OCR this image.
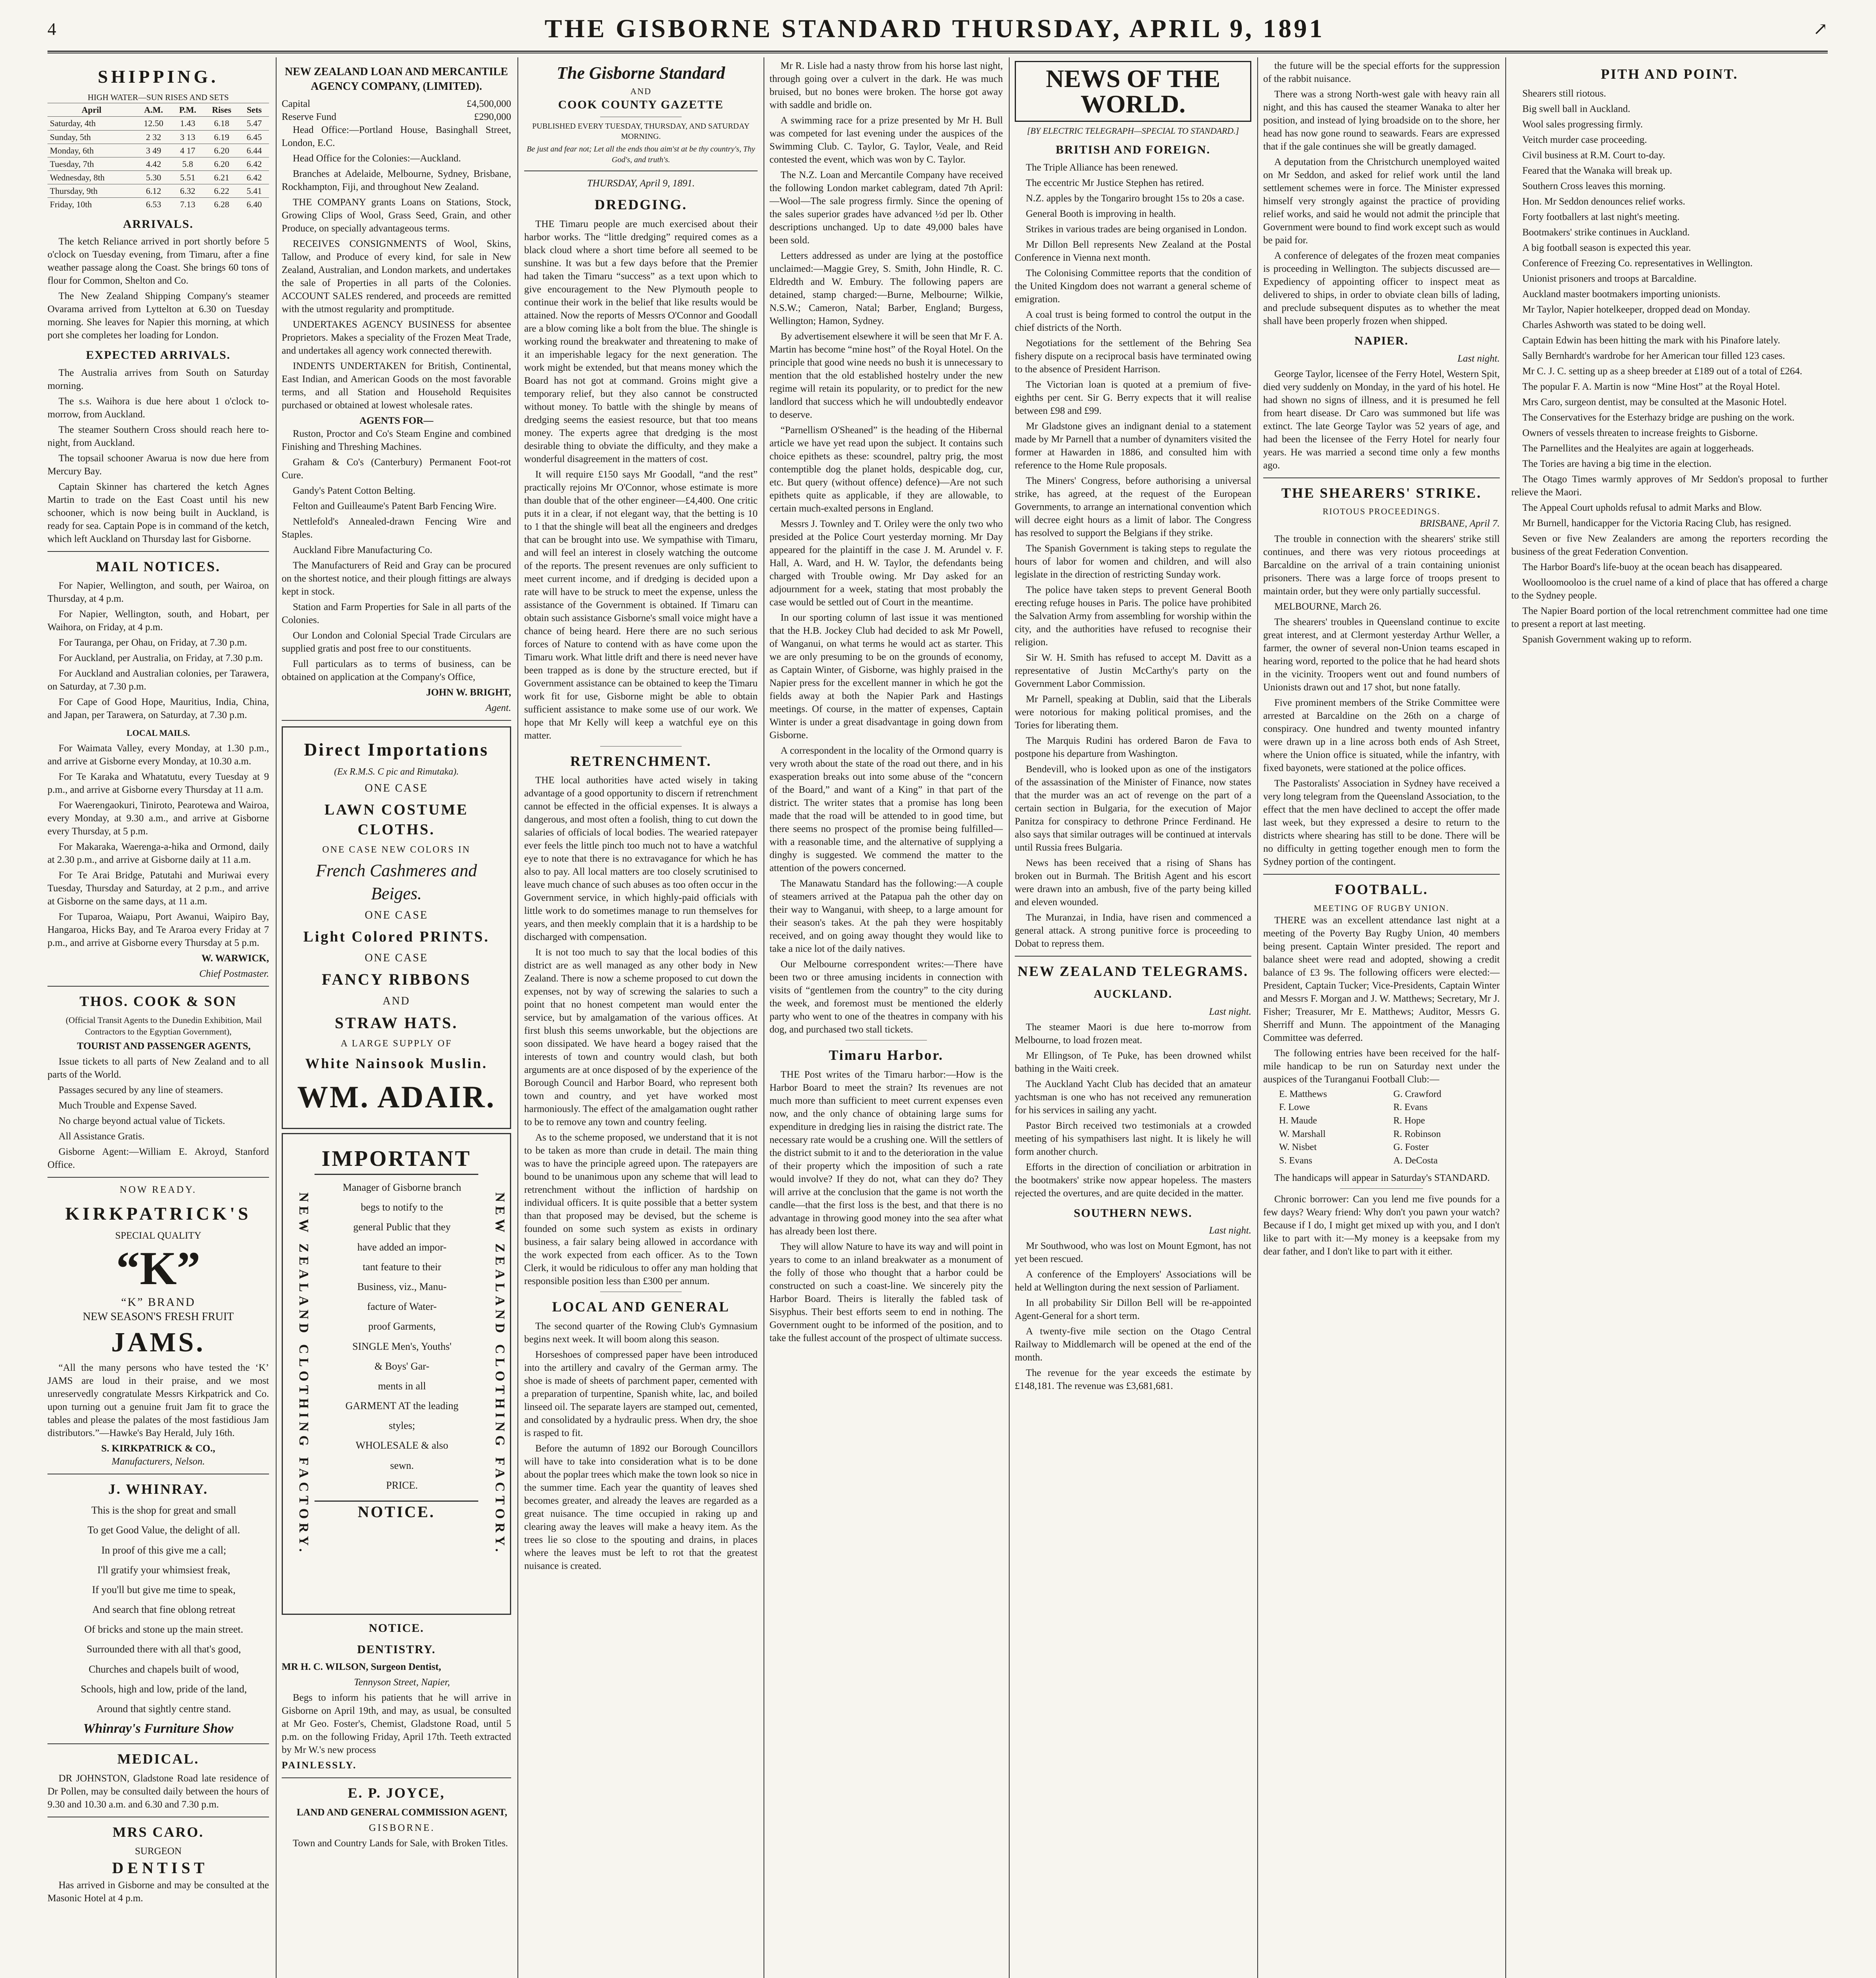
4	THE GISBORNE STANDARD THURSDAY, APRIL 9, 1891	↗
SHIPPING.
HIGH WATER—SUN RISES AND SETS
April	A.M.	P.M.	Rises	Sets
Saturday, 4th	12.50	1.43	6.18	5.47
Sunday, 5th	2 32	3 13	6.19	6.45
Monday, 6th	3 49	4 17	6.20	6.44
Tuesday, 7th	4.42	5.8	6.20	6.42
Wednesday, 8th	5.30	5.51	6.21	6.42
Thursday, 9th	6.12	6.32	6.22	5.41
Friday, 10th	6.53	7.13	6.28	6.40
ARRIVALS.

The ketch Reliance arrived in port shortly before 5 o'clock on Tuesday evening, from Timaru, after a fine weather passage along the Coast. She brings 60 tons of flour for Common, Shelton and Co.

The New Zealand Shipping Company's steamer Ovarama arrived from Lyttelton at 6.30 on Tuesday morning. She leaves for Napier this morning, at which port she completes her loading for London.

EXPECTED ARRIVALS.

The Australia arrives from South on Saturday morning.

The s.s. Waihora is due here about 1 o'clock to-morrow, from Auckland.

The steamer Southern Cross should reach here to-night, from Auckland.

The topsail schooner Awarua is now due here from Mercury Bay.

Captain Skinner has chartered the ketch Agnes Martin to trade on the East Coast until his new schooner, which is now being built in Auckland, is ready for sea. Captain Pope is in command of the ketch, which left Auckland on Thursday last for Gisborne.

MAIL NOTICES.

For Napier, Wellington, and south, per Wairoa, on Thursday, at 4 p.m.

For Napier, Wellington, south, and Hobart, per Waihora, on Friday, at 4 p.m.

For Tauranga, per Ohau, on Friday, at 7.30 p.m.

For Auckland, per Australia, on Friday, at 7.30 p.m.

For Auckland and Australian colonies, per Tarawera, on Saturday, at 7.30 p.m.

For Cape of Good Hope, Mauritius, India, China, and Japan, per Tarawera, on Saturday, at 7.30 p.m.

LOCAL MAILS.

For Waimata Valley, every Monday, at 1.30 p.m., and arrive at Gisborne every Monday, at 10.30 a.m.

For Te Karaka and Whatatutu, every Tuesday at 9 p.m., and arrive at Gisborne every Thursday at 11 a.m.

For Waerengaokuri, Tiniroto, Pearotewa and Wairoa, every Monday, at 9.30 a.m., and arrive at Gisborne every Thursday, at 5 p.m.

For Makaraka, Waerenga-a-hika and Ormond, daily at 2.30 p.m., and arrive at Gisborne daily at 11 a.m.

For Te Arai Bridge, Patutahi and Muriwai every Tuesday, Thursday and Saturday, at 2 p.m., and arrive at Gisborne on the same days, at 11 a.m.

For Tuparoa, Waiapu, Port Awanui, Waipiro Bay, Hangaroa, Hicks Bay, and Te Araroa every Friday at 7 p.m., and arrive at Gisborne every Thursday at 5 p.m.

W. WARWICK,

Chief Postmaster.

THOS. COOK & SON

(Official Transit Agents to the Dunedin Exhibition, Mail Contractors to the Egyptian Government),

TOURIST AND PASSENGER AGENTS,

Issue tickets to all parts of New Zealand and to all parts of the World.

Passages secured by any line of steamers.

Much Trouble and Expense Saved.

No charge beyond actual value of Tickets.

All Assistance Gratis.

Gisborne Agent:—William E. Akroyd, Stanford Office.

NOW READY.
KIRKPATRICK'S
SPECIAL QUALITY
“K”
“K” BRAND
NEW SEASON'S FRESH FRUIT
JAMS.

“All the many persons who have tested the ‘K’ JAMS are loud in their praise, and we most unreservedly congratulate Messrs Kirkpatrick and Co. upon turning out a genuine fruit Jam fit to grace the tables and please the palates of the most fastidious Jam distributors.”—Hawke's Bay Herald, July 16th.

S. KIRKPATRICK & CO.,
Manufacturers, Nelson.
J. WHINRAY.

This is the shop for great and small

To get Good Value, the delight of all.

In proof of this give me a call;

I'll gratify your whimsiest freak,

If you'll but give me time to speak,

And search that fine oblong retreat

Of bricks and stone up the main street.

Surrounded there with all that's good,

Churches and chapels built of wood,

Schools, high and low, pride of the land,

Around that sightly centre stand.

Whinray's Furniture Show
MEDICAL.

DR JOHNSTON, Gladstone Road late residence of Dr Pollen, may be consulted daily between the hours of 9.30 and 10.30 a.m. and 6.30 and 7.30 p.m.

MRS CARO.
SURGEON
D E N T I S T

Has arrived in Gisborne and may be consulted at the Masonic Hotel at 4 p.m.

NEW ZEALAND LOAN AND MERCANTILE AGENCY COMPANY, (LIMITED).
Capital	£4,500,000
Reserve Fund	£290,000

Head Office:—Portland House, Basinghall Street, London, E.C.

Head Office for the Colonies:—Auckland.

Branches at Adelaide, Melbourne, Sydney, Brisbane, Rockhampton, Fiji, and throughout New Zealand.

THE COMPANY grants Loans on Stations, Stock, Growing Clips of Wool, Grass Seed, Grain, and other Produce, on specially advantageous terms.

RECEIVES CONSIGNMENTS of Wool, Skins, Tallow, and Produce of every kind, for sale in New Zealand, Australian, and London markets, and undertakes the sale of Properties in all parts of the Colonies. ACCOUNT SALES rendered, and proceeds are remitted with the utmost regularity and promptitude.

UNDERTAKES AGENCY BUSINESS for absentee Proprietors. Makes a speciality of the Frozen Meat Trade, and undertakes all agency work connected therewith.

INDENTS UNDERTAKEN for British, Continental, East Indian, and American Goods on the most favorable terms, and all Station and Household Requisites purchased or obtained at lowest wholesale rates.

AGENTS FOR—

Ruston, Proctor and Co's Steam Engine and combined Finishing and Threshing Machines.

Graham & Co's (Canterbury) Permanent Foot-rot Cure.

Gandy's Patent Cotton Belting.

Felton and Guilleaume's Patent Barb Fencing Wire.

Nettlefold's Annealed-drawn Fencing Wire and Staples.

Auckland Fibre Manufacturing Co.

The Manufacturers of Reid and Gray can be procured on the shortest notice, and their plough fittings are always kept in stock.

Station and Farm Properties for Sale in all parts of the Colonies.

Our London and Colonial Special Trade Circulars are supplied gratis and post free to our constituents.

Full particulars as to terms of business, can be obtained on application at the Company's Office,

JOHN W. BRIGHT,

Agent.

Direct Importations
(Ex R.M.S. C pic and Rimutaka).
ONE CASE
LAWN COSTUME CLOTHS.
ONE CASE NEW COLORS IN
French Cashmeres and Beiges.
ONE CASE
Light Colored PRINTS.
ONE CASE
FANCY RIBBONS
AND
STRAW HATS.
A LARGE SUPPLY OF
White Nainsook Muslin.
WM. ADAIR.
NEW ZEALAND CLOTHING FACTORY.	NEW ZEALAND CLOTHING FACTORY.
IMPORTANT

Manager of Gisborne branch

begs to notify to the

general Public that they

have added an impor-

tant feature to their

Business, viz., Manu-

facture of Water-

proof Garments,

SINGLE Men's, Youths'

& Boys' Gar-

ments in all

GARMENT AT the leading

styles;

WHOLESALE & also

sewn.

PRICE.

NOTICE.
NOTICE.
DENTISTRY.

MR H. C. WILSON, Surgeon Dentist,

Tennyson Street, Napier,

Begs to inform his patients that he will arrive in Gisborne on April 19th, and may, as usual, be consulted at Mr Geo. Foster's, Chemist, Gladstone Road, until 5 p.m. on the following Friday, April 17th. Teeth extracted by Mr W.'s new process

PAINLESSLY.

E. P. JOYCE,

LAND AND GENERAL COMMISSION AGENT,

GISBORNE.

Town and Country Lands for Sale, with Broken Titles.

The Gisborne Standard
AND
COOK COUNTY GAZETTE
PUBLISHED EVERY TUESDAY, THURSDAY, AND SATURDAY MORNING.
Be just and fear not; Let all the ends thou aim'st at be thy country's, Thy God's, and truth's.
THURSDAY, April 9, 1891.
DREDGING.

THE Timaru people are much exercised about their harbor works. The “little dredging” required comes as a black cloud where a short time before all seemed to be sunshine. It was but a few days before that the Premier had taken the Timaru “success” as a text upon which to give encouragement to the New Plymouth people to continue their work in the belief that like results would be attained. Now the reports of Messrs O'Connor and Goodall are a blow coming like a bolt from the blue. The shingle is working round the breakwater and threatening to make of it an imperishable legacy for the next generation. The work might be extended, but that means money which the Board has not got at command. Groins might give a temporary relief, but they also cannot be constructed without money. To battle with the shingle by means of dredging seems the easiest resource, but that too means money. The experts agree that dredging is the most desirable thing to obviate the difficulty, and they make a wonderful disagreement in the matters of cost.

It will require £150 says Mr Goodall, “and the rest” practically rejoins Mr O'Connor, whose estimate is more than double that of the other engineer—£4,400. One critic puts it in a clear, if not elegant way, that the betting is 10 to 1 that the shingle will beat all the engineers and dredges that can be brought into use. We sympathise with Timaru, and will feel an interest in closely watching the outcome of the reports. The present revenues are only sufficient to meet current income, and if dredging is decided upon a rate will have to be struck to meet the expense, unless the assistance of the Government is obtained. If Timaru can obtain such assistance Gisborne's small voice might have a chance of being heard. Here there are no such serious forces of Nature to contend with as have come upon the Timaru work. What little drift and there is need never have been trapped as is done by the structure erected, but if Government assistance can be obtained to keep the Timaru work fit for use, Gisborne might be able to obtain sufficient assistance to make some use of our work. We hope that Mr Kelly will keep a watchful eye on this matter.

RETRENCHMENT.

THE local authorities have acted wisely in taking advantage of a good opportunity to discern if retrenchment cannot be effected in the official expenses. It is always a dangerous, and most often a foolish, thing to cut down the salaries of officials of local bodies. The wearied ratepayer ever feels the little pinch too much not to have a watchful eye to note that there is no extravagance for which he has also to pay. All local matters are too closely scrutinised to leave much chance of such abuses as too often occur in the Government service, in which highly-paid officials with little work to do sometimes manage to run themselves for years, and then meekly complain that it is a hardship to be discharged with compensation.

It is not too much to say that the local bodies of this district are as well managed as any other body in New Zealand. There is now a scheme proposed to cut down the expenses, not by way of screwing the salaries to such a point that no honest competent man would enter the service, but by amalgamation of the various offices. At first blush this seems unworkable, but the objections are soon dissipated. We have heard a bogey raised that the interests of town and country would clash, but both arguments are at once disposed of by the experience of the Borough Council and Harbor Board, who represent both town and country, and yet have worked most harmoniously. The effect of the amalgamation ought rather to be to remove any town and country feeling.

As to the scheme proposed, we understand that it is not to be taken as more than crude in detail. The main thing was to have the principle agreed upon. The ratepayers are bound to be unanimous upon any scheme that will lead to retrenchment without the infliction of hardship on individual officers. It is quite possible that a better system than that proposed may be devised, but the scheme is founded on some such system as exists in ordinary business, a fair salary being allowed in accordance with the work expected from each officer. As to the Town Clerk, it would be ridiculous to offer any man holding that responsible position less than £300 per annum.

LOCAL AND GENERAL

The second quarter of the Rowing Club's Gymnasium begins next week. It will boom along this season.

Horseshoes of compressed paper have been introduced into the artillery and cavalry of the German army. The shoe is made of sheets of parchment paper, cemented with a preparation of turpentine, Spanish white, lac, and boiled linseed oil. The separate layers are stamped out, cemented, and consolidated by a hydraulic press. When dry, the shoe is rasped to fit.

Before the autumn of 1892 our Borough Councillors will have to take into consideration what is to be done about the poplar trees which make the town look so nice in the summer time. Each year the quantity of leaves shed becomes greater, and already the leaves are regarded as a great nuisance. The time occupied in raking up and clearing away the leaves will make a heavy item. As the trees lie so close to the spouting and drains, in places where the leaves must be left to rot that the greatest nuisance is created.

Mr R. Lisle had a nasty throw from his horse last night, through going over a culvert in the dark. He was much bruised, but no bones were broken. The horse got away with saddle and bridle on.

A swimming race for a prize presented by Mr H. Bull was competed for last evening under the auspices of the Swimming Club. C. Taylor, G. Taylor, Veale, and Reid contested the event, which was won by C. Taylor.

The N.Z. Loan and Mercantile Company have received the following London market cablegram, dated 7th April:—Wool—The sale progress firmly. Since the opening of the sales superior grades have advanced ½d per lb. Other descriptions unchanged. Up to date 49,000 bales have been sold.

Letters addressed as under are lying at the postoffice unclaimed:—Maggie Grey, S. Smith, John Hindle, R. C. Eldredth and W. Embury. The following papers are detained, stamp charged:—Burne, Melbourne; Wilkie, N.S.W.; Cameron, Natal; Barber, England; Burgess, Wellington; Hamon, Sydney.

By advertisement elsewhere it will be seen that Mr F. A. Martin has become “mine host” of the Royal Hotel. On the principle that good wine needs no bush it is unnecessary to mention that the old established hostelry under the new regime will retain its popularity, or to predict for the new landlord that success which he will undoubtedly endeavor to deserve.

“Parnellism O'Sheaned” is the heading of the Hibernal article we have yet read upon the subject. It contains such choice epithets as these: scoundrel, paltry prig, the most contemptible dog the planet holds, despicable dog, cur, etc. But query (without offence) defence)—Are not such epithets quite as applicable, if they are allowable, to certain much-exalted persons in England.

Messrs J. Townley and T. Oriley were the only two who presided at the Police Court yesterday morning. Mr Day appeared for the plaintiff in the case J. M. Arundel v. F. Hall, A. Ward, and H. W. Taylor, the defendants being charged with Trouble owing. Mr Day asked for an adjournment for a week, stating that most probably the case would be settled out of Court in the meantime.

In our sporting column of last issue it was mentioned that the H.B. Jockey Club had decided to ask Mr Powell, of Wanganui, on what terms he would act as starter. This we are only presuming to be on the grounds of economy, as Captain Winter, of Gisborne, was highly praised in the Napier press for the excellent manner in which he got the fields away at both the Napier Park and Hastings meetings. Of course, in the matter of expenses, Captain Winter is under a great disadvantage in going down from Gisborne.

A correspondent in the locality of the Ormond quarry is very wroth about the state of the road out there, and in his exasperation breaks out into some abuse of the “concern of the Board,” and want of a King” in that part of the district. The writer states that a promise has long been made that the road will be attended to in good time, but there seems no prospect of the promise being fulfilled—with a reasonable time, and the alternative of supplying a dinghy is suggested. We commend the matter to the attention of the powers concerned.

The Manawatu Standard has the following:—A couple of steamers arrived at the Patapua pah the other day on their way to Wanganui, with sheep, to a large amount for their season's takes. At the pah they were hospitably received, and on going away thought they would like to take a nice lot of the daily natives.

Our Melbourne correspondent writes:—There have been two or three amusing incidents in connection with visits of “gentlemen from the country” to the city during the week, and foremost must be mentioned the elderly party who went to one of the theatres in company with his dog, and purchased two stall tickets.

Timaru Harbor.

THE Post writes of the Timaru harbor:—How is the Harbor Board to meet the strain? Its revenues are not much more than sufficient to meet current expenses even now, and the only chance of obtaining large sums for expenditure in dredging lies in raising the district rate. The necessary rate would be a crushing one. Will the settlers of the district submit to it and to the deterioration in the value of their property which the imposition of such a rate would involve? If they do not, what can they do? They will arrive at the conclusion that the game is not worth the candle—that the first loss is the best, and that there is no advantage in throwing good money into the sea after what has already been lost there.

They will allow Nature to have its way and will point in years to come to an inland breakwater as a monument of the folly of those who thought that a harbor could be constructed on such a coast-line. We sincerely pity the Harbor Board. Theirs is literally the fabled task of Sisyphus. Their best efforts seem to end in nothing. The Government ought to be informed of the position, and to take the fullest account of the prospect of ultimate success.

NEWS OF THE WORLD.
[BY ELECTRIC TELEGRAPH—SPECIAL TO STANDARD.]
BRITISH AND FOREIGN.

The Triple Alliance has been renewed.

The eccentric Mr Justice Stephen has retired.

N.Z. apples by the Tongariro brought 15s to 20s a case.

General Booth is improving in health.

Strikes in various trades are being organised in London.

Mr Dillon Bell represents New Zealand at the Postal Conference in Vienna next month.

The Colonising Committee reports that the condition of the United Kingdom does not warrant a general scheme of emigration.

A coal trust is being formed to control the output in the chief districts of the North.

Negotiations for the settlement of the Behring Sea fishery dispute on a reciprocal basis have terminated owing to the absence of President Harrison.

The Victorian loan is quoted at a premium of five-eighths per cent. Sir G. Berry expects that it will realise between £98 and £99.

Mr Gladstone gives an indignant denial to a statement made by Mr Parnell that a number of dynamiters visited the former at Hawarden in 1886, and consulted him with reference to the Home Rule proposals.

The Miners' Congress, before authorising a universal strike, has agreed, at the request of the European Governments, to arrange an international convention which will decree eight hours as a limit of labor. The Congress has resolved to support the Belgians if they strike.

The Spanish Government is taking steps to regulate the hours of labor for women and children, and will also legislate in the direction of restricting Sunday work.

The police have taken steps to prevent General Booth erecting refuge houses in Paris. The police have prohibited the Salvation Army from assembling for worship within the city, and the authorities have refused to recognise their religion.

Sir W. H. Smith has refused to accept M. Davitt as a representative of Justin McCarthy's party on the Government Labor Commission.

Mr Parnell, speaking at Dublin, said that the Liberals were notorious for making political promises, and the Tories for liberating them.

The Marquis Rudini has ordered Baron de Fava to postpone his departure from Washington.

Bendevill, who is looked upon as one of the instigators of the assassination of the Minister of Finance, now states that the murder was an act of revenge on the part of a certain section in Bulgaria, for the execution of Major Panitza for conspiracy to dethrone Prince Ferdinand. He also says that similar outrages will be continued at intervals until Russia frees Bulgaria.

News has been received that a rising of Shans has broken out in Burmah. The British Agent and his escort were drawn into an ambush, five of the party being killed and eleven wounded.

The Muranzai, in India, have risen and commenced a general attack. A strong punitive force is proceeding to Dobat to repress them.

NEW ZEALAND TELEGRAMS.
AUCKLAND.

Last night.

The steamer Maori is due here to-morrow from Melbourne, to load frozen meat.

Mr Ellingson, of Te Puke, has been drowned whilst bathing in the Waiti creek.

The Auckland Yacht Club has decided that an amateur yachtsman is one who has not received any remuneration for his services in sailing any yacht.

Pastor Birch received two testimonials at a crowded meeting of his sympathisers last night. It is likely he will form another church.

Efforts in the direction of conciliation or arbitration in the bootmakers' strike now appear hopeless. The masters rejected the overtures, and are quite decided in the matter.

SOUTHERN NEWS.

Last night.

Mr Southwood, who was lost on Mount Egmont, has not yet been rescued.

A conference of the Employers' Associations will be held at Wellington during the next session of Parliament.

In all probability Sir Dillon Bell will be re-appointed Agent-General for a short term.

A twenty-five mile section on the Otago Central Railway to Middlemarch will be opened at the end of the month.

The revenue for the year exceeds the estimate by £148,181. The revenue was £3,681,681.

the future will be the special efforts for the suppression of the rabbit nuisance.

There was a strong North-west gale with heavy rain all night, and this has caused the steamer Wanaka to alter her position, and instead of lying broadside on to the shore, her head has now gone round to seawards. Fears are expressed that if the gale continues she will be greatly damaged.

A deputation from the Christchurch unemployed waited on Mr Seddon, and asked for relief work until the land settlement schemes were in force. The Minister expressed himself very strongly against the practice of providing relief works, and said he would not admit the principle that Government were bound to find work except such as would be paid for.

A conference of delegates of the frozen meat companies is proceeding in Wellington. The subjects discussed are—Expediency of appointing officer to inspect meat as delivered to ships, in order to obviate clean bills of lading, and preclude subsequent disputes as to whether the meat shall have been properly frozen when shipped.

NAPIER.

Last night.

George Taylor, licensee of the Ferry Hotel, Western Spit, died very suddenly on Monday, in the yard of his hotel. He had shown no signs of illness, and it is presumed he fell from heart disease. Dr Caro was summoned but life was extinct. The late George Taylor was 52 years of age, and had been the licensee of the Ferry Hotel for nearly four years. He was married a second time only a few months ago.

THE SHEARERS' STRIKE.
RIOTOUS PROCEEDINGS.

BRISBANE, April 7.

The trouble in connection with the shearers' strike still continues, and there was very riotous proceedings at Barcaldine on the arrival of a train containing unionist prisoners. There was a large force of troops present to maintain order, but they were only partially successful.

MELBOURNE, March 26.

The shearers' troubles in Queensland continue to excite great interest, and at Clermont yesterday Arthur Weller, a farmer, the owner of several non-Union teams escaped in hearing word, reported to the police that he had heard shots in the vicinity. Troopers went out and found numbers of Unionists drawn out and 17 shot, but none fatally.

Five prominent members of the Strike Committee were arrested at Barcaldine on the 26th on a charge of conspiracy. One hundred and twenty mounted infantry were drawn up in a line across both ends of Ash Street, where the Union office is situated, while the infantry, with fixed bayonets, were stationed at the police offices.

The Pastoralists' Association in Sydney have received a very long telegram from the Queensland Association, to the effect that the men have declined to accept the offer made last week, but they expressed a desire to return to the districts where shearing has still to be done. There will be no difficulty in getting together enough men to form the Sydney portion of the contingent.

FOOTBALL.
MEETING OF RUGBY UNION.

THERE was an excellent attendance last night at a meeting of the Poverty Bay Rugby Union, 40 members being present. Captain Winter presided. The report and balance sheet were read and adopted, showing a credit balance of £3 9s. The following officers were elected:—President, Captain Tucker; Vice-Presidents, Captain Winter and Messrs F. Morgan and J. W. Matthews; Secretary, Mr J. Fisher; Treasurer, Mr E. Matthews; Auditor, Messrs G. Sherriff and Munn. The appointment of the Managing Committee was deferred.

The following entries have been received for the half-mile handicap to be run on Saturday next under the auspices of the Turanganui Football Club:—

E. Matthews	G. Crawford
F. Lowe	R. Evans
H. Maude	R. Hope
W. Marshall	R. Robinson
W. Nisbet	G. Foster
S. Evans	A. DeCosta

The handicaps will appear in Saturday's STANDARD.

Chronic borrower: Can you lend me five pounds for a few days? Weary friend: Why don't you pawn your watch? Because if I do, I might get mixed up with you, and I don't like to part with it:—My money is a keepsake from my dear father, and I don't like to part with it either.

PITH AND POINT.

Shearers still riotous.

Big swell ball in Auckland.

Wool sales progressing firmly.

Veitch murder case proceeding.

Civil business at R.M. Court to-day.

Feared that the Wanaka will break up.

Southern Cross leaves this morning.

Hon. Mr Seddon denounces relief works.

Forty footballers at last night's meeting.

Bootmakers' strike continues in Auckland.

A big football season is expected this year.

Conference of Freezing Co. representatives in Wellington.

Unionist prisoners and troops at Barcaldine.

Auckland master bootmakers importing unionists.

Mr Taylor, Napier hotelkeeper, dropped dead on Monday.

Charles Ashworth was stated to be doing well.

Captain Edwin has been hitting the mark with his Pinafore lately.

Sally Bernhardt's wardrobe for her American tour filled 123 cases.

Mr C. J. C. setting up as a sheep breeder at £189 out of a total of £264.

The popular F. A. Martin is now “Mine Host” at the Royal Hotel.

Mrs Caro, surgeon dentist, may be consulted at the Masonic Hotel.

The Conservatives for the Esterhazy bridge are pushing on the work.

Owners of vessels threaten to increase freights to Gisborne.

The Parnellites and the Healyites are again at loggerheads.

The Tories are having a big time in the election.

The Otago Times warmly approves of Mr Seddon's proposal to further relieve the Maori.

The Appeal Court upholds refusal to admit Marks and Blow.

Mr Burnell, handicapper for the Victoria Racing Club, has resigned.

Seven or five New Zealanders are among the reporters recording the business of the great Federation Convention.

The Harbor Board's life-buoy at the ocean beach has disappeared.

Woolloomooloo is the cruel name of a kind of place that has offered a charge to the Sydney people.

The Napier Board portion of the local retrenchment committee had one time to present a report at last meeting.

Spanish Government waking up to reform.
